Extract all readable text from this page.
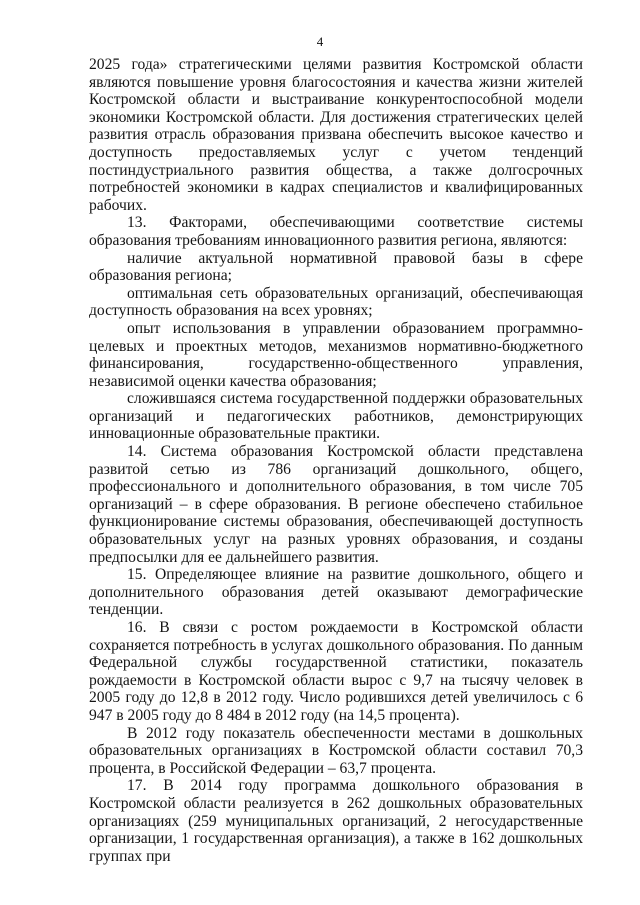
4

2025 года» стратегическими целями развития Костромской области являются повышение уровня благосостояния и качества жизни жителей Костромской области и выстраивание конкурентоспособной модели экономики Костромской области. Для достижения стратегических целей развития отрасль образования призвана обеспечить высокое качество и доступность предоставляемых услуг с учетом тенденций постиндустриального развития общества, а также долгосрочных потребностей экономики в кадрах специалистов и квалифицированных рабочих.

13. Факторами, обеспечивающими соответствие системы образования требованиям инновационного развития региона, являются:

наличие актуальной нормативной правовой базы в сфере образования региона;

оптимальная сеть образовательных организаций, обеспечивающая доступность образования на всех уровнях;

опыт использования в управлении образованием программно-целевых и проектных методов, механизмов нормативно-бюджетного финансирования, государственно-общественного управления, независимой оценки качества образования;

сложившаяся система государственной поддержки образовательных организаций и педагогических работников, демонстрирующих инновационные образовательные практики.

14. Система образования Костромской области представлена развитой сетью из 786 организаций дошкольного, общего, профессионального и дополнительного образования, в том числе 705 организаций – в сфере образования. В регионе обеспечено стабильное функционирование системы образования, обеспечивающей доступность образовательных услуг на разных уровнях образования, и созданы предпосылки для ее дальнейшего развития.

15. Определяющее влияние на развитие дошкольного, общего и дополнительного образования детей оказывают демографические тенденции.

16. В связи с ростом рождаемости в Костромской области сохраняется потребность в услугах дошкольного образования. По данным Федеральной службы государственной статистики, показатель рождаемости в Костромской области вырос с 9,7 на тысячу человек в 2005 году до 12,8 в 2012 году. Число родившихся детей увеличилось с 6 947 в 2005 году до 8 484 в 2012 году (на 14,5 процента).

В 2012 году показатель обеспеченности местами в дошкольных образовательных организациях в Костромской области составил 70,3 процента, в Российской Федерации – 63,7 процента.

17. В 2014 году программа дошкольного образования в Костромской области реализуется в 262 дошкольных образовательных организациях (259 муниципальных организаций, 2 негосударственные организации, 1 государственная организация), а также в 162 дошкольных группах при
